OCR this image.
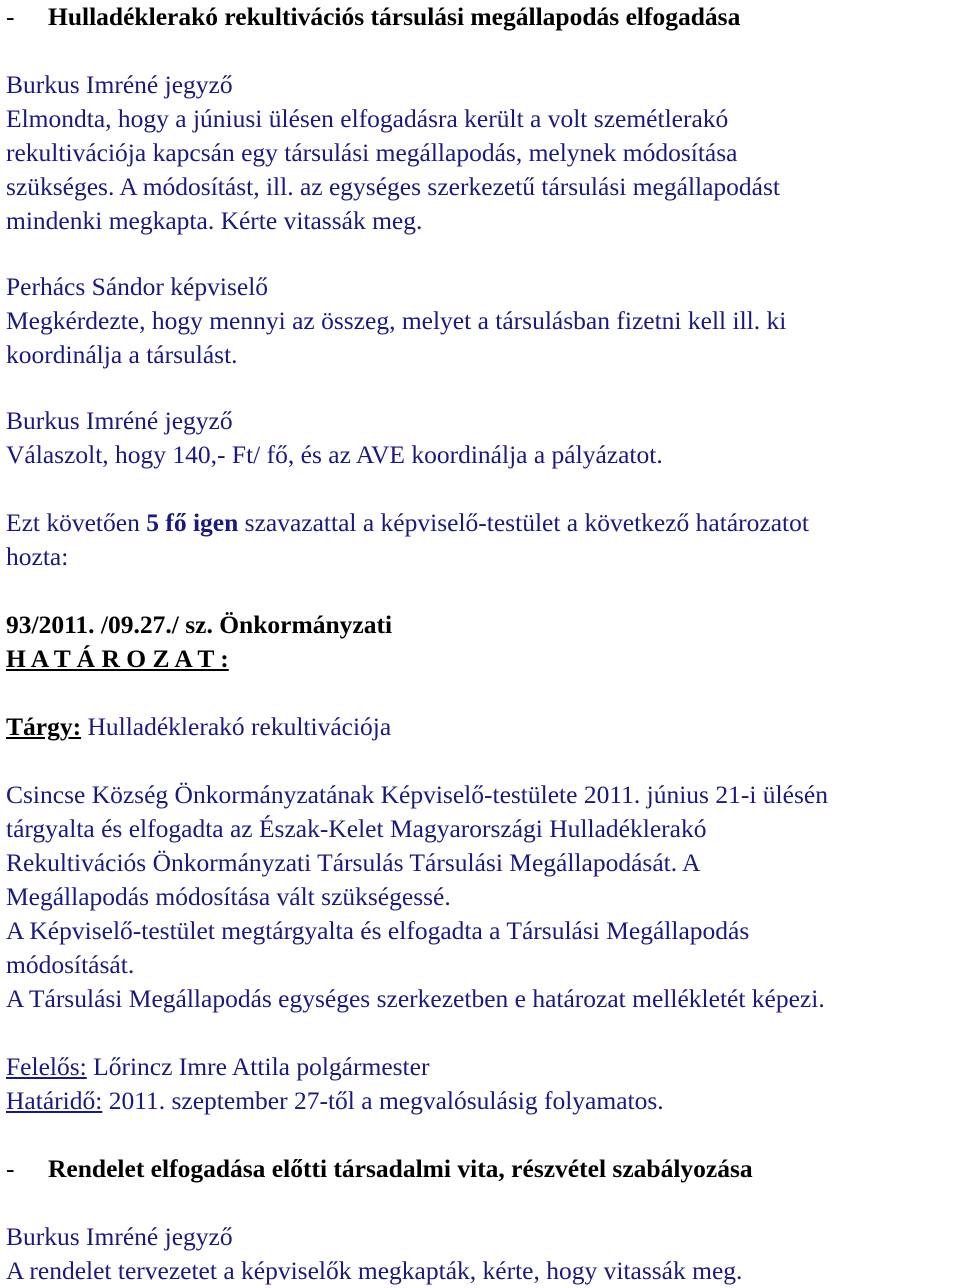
- Hulladéklerakó rekultivációs társulási megállapodás elfogadása
Burkus Imréné jegyző
Elmondta, hogy a júniusi ülésen elfogadásra került a volt szemétlerakó
rekultivációja kapcsán egy társulási megállapodás, melynek módosítása
szükséges. A módosítást, ill. az egységes szerkezetű társulási megállapodást
mindenki megkapta. Kérte vitassák meg.
Perhács Sándor képviselő
Megkérdezte, hogy mennyi az összeg, melyet a társulásban fizetni kell ill. ki
koordinálja a társulást.
Burkus Imréné jegyző
Válaszolt, hogy 140,- Ft/ fő, és az AVE koordinálja a pályázatot.
Ezt követően 5 fő igen szavazattal a képviselő-testület a következő határozatot
hozta:
93/2011. /09.27./ sz. Önkormányzati
H A T Á R O Z A T :
Tárgy: Hulladéklerakó rekultivációja
Csincse Község Önkormányzatának Képviselő-testülete 2011. június 21-i ülésén
tárgyalta és elfogadta az Észak-Kelet Magyarországi Hulladéklerakó
Rekultivációs Önkormányzati Társulás Társulási Megállapodását. A
Megállapodás módosítása vált szükségessé.
A Képviselő-testület megtárgyalta és elfogadta a Társulási Megállapodás
módosítását.
A Társulási Megállapodás egységes szerkezetben e határozat mellékletét képezi.
Felelős: Lőrincz Imre Attila polgármester
Határidő: 2011. szeptember 27-től a megvalósulásig folyamatos.
- Rendelet elfogadása előtti társadalmi vita, részvétel szabályozása
Burkus Imréné jegyző
A rendelet tervezetet a képviselők megkapták, kérte, hogy vitassák meg.
